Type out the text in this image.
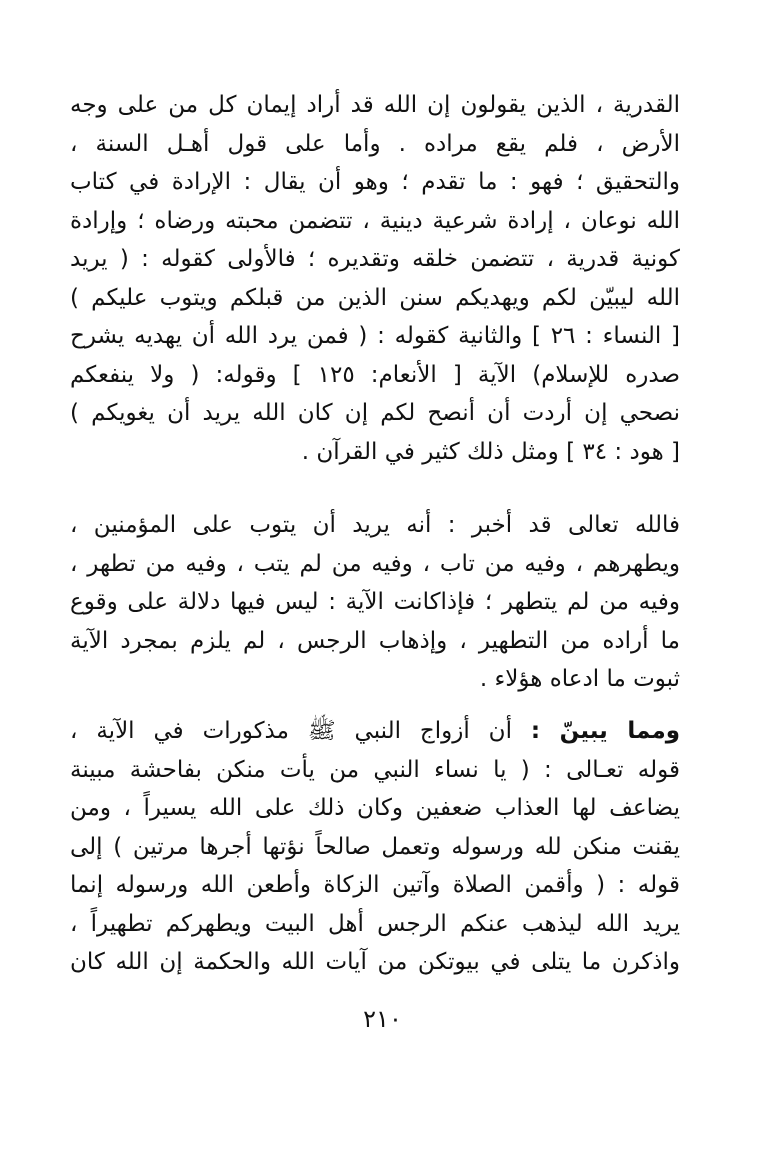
القدرية ، الذين يقولون إن الله قد أراد إيمان كل من على وجه
الأرض ، فلم يقع مراده . وأما على قول أهـل السنة ،
والتحقيق ؛ فهو : ما تقدم ؛ وهو أن يقال : الإرادة في كتاب
الله نوعان ، إرادة شرعية دينية ، تتضمن محبته ورضاه ؛ وإرادة
كونية قدرية ، تتضمن خلقه وتقديره ؛ فالأولى كقوله : ( يريد
الله ليبيّن لكم ويهديكم سنن الذين من قبلكم ويتوب عليكم )
[ النساء : ٢٦ ] والثانية كقوله : ( فمن يرد الله أن يهديه يشرح
صدره للإسلام) الآية [ الأنعام: ١٢٥ ] وقوله: ( ولا ينفعكم
نصحي إن أردت أن أنصح لكم إن كان الله يريد أن يغويكم )
[ هود : ٣٤ ] ومثل ذلك كثير في القرآن .
فالله تعالى قد أخبر : أنه يريد أن يتوب على المؤمنين ،
ويطهرهم ، وفيه من تاب ، وفيه من لم يتب ، وفيه من تطهر ،
وفيه من لم يتطهر ؛ فإذاكانت الآية : ليس فيها دلالة على وقوع
ما أراده من التطهير ، وإذهاب الرجس ، لم يلزم بمجرد الآية
ثبوت ما ادعاه هؤلاء .
ومما يبينّ : أن أزواج النبي ﷺ مذكورات في الآية ،
قوله تعـالى : ( يا نساء النبي من يأت منكن بفاحشة مبينة
يضاعف لها العذاب ضعفين وكان ذلك على الله يسيراً ، ومن
يقنت منكن لله ورسوله وتعمل صالحاً نؤتها أجرها مرتين ) إلى
قوله : ( وأقمن الصلاة وآتين الزكاة وأطعن الله ورسوله إنما
يريد الله ليذهب عنكم الرجس أهل البيت ويطهركم تطهيراً ،
واذكرن ما يتلى في بيوتكن من آيات الله والحكمة إن الله كان
٢١٠
